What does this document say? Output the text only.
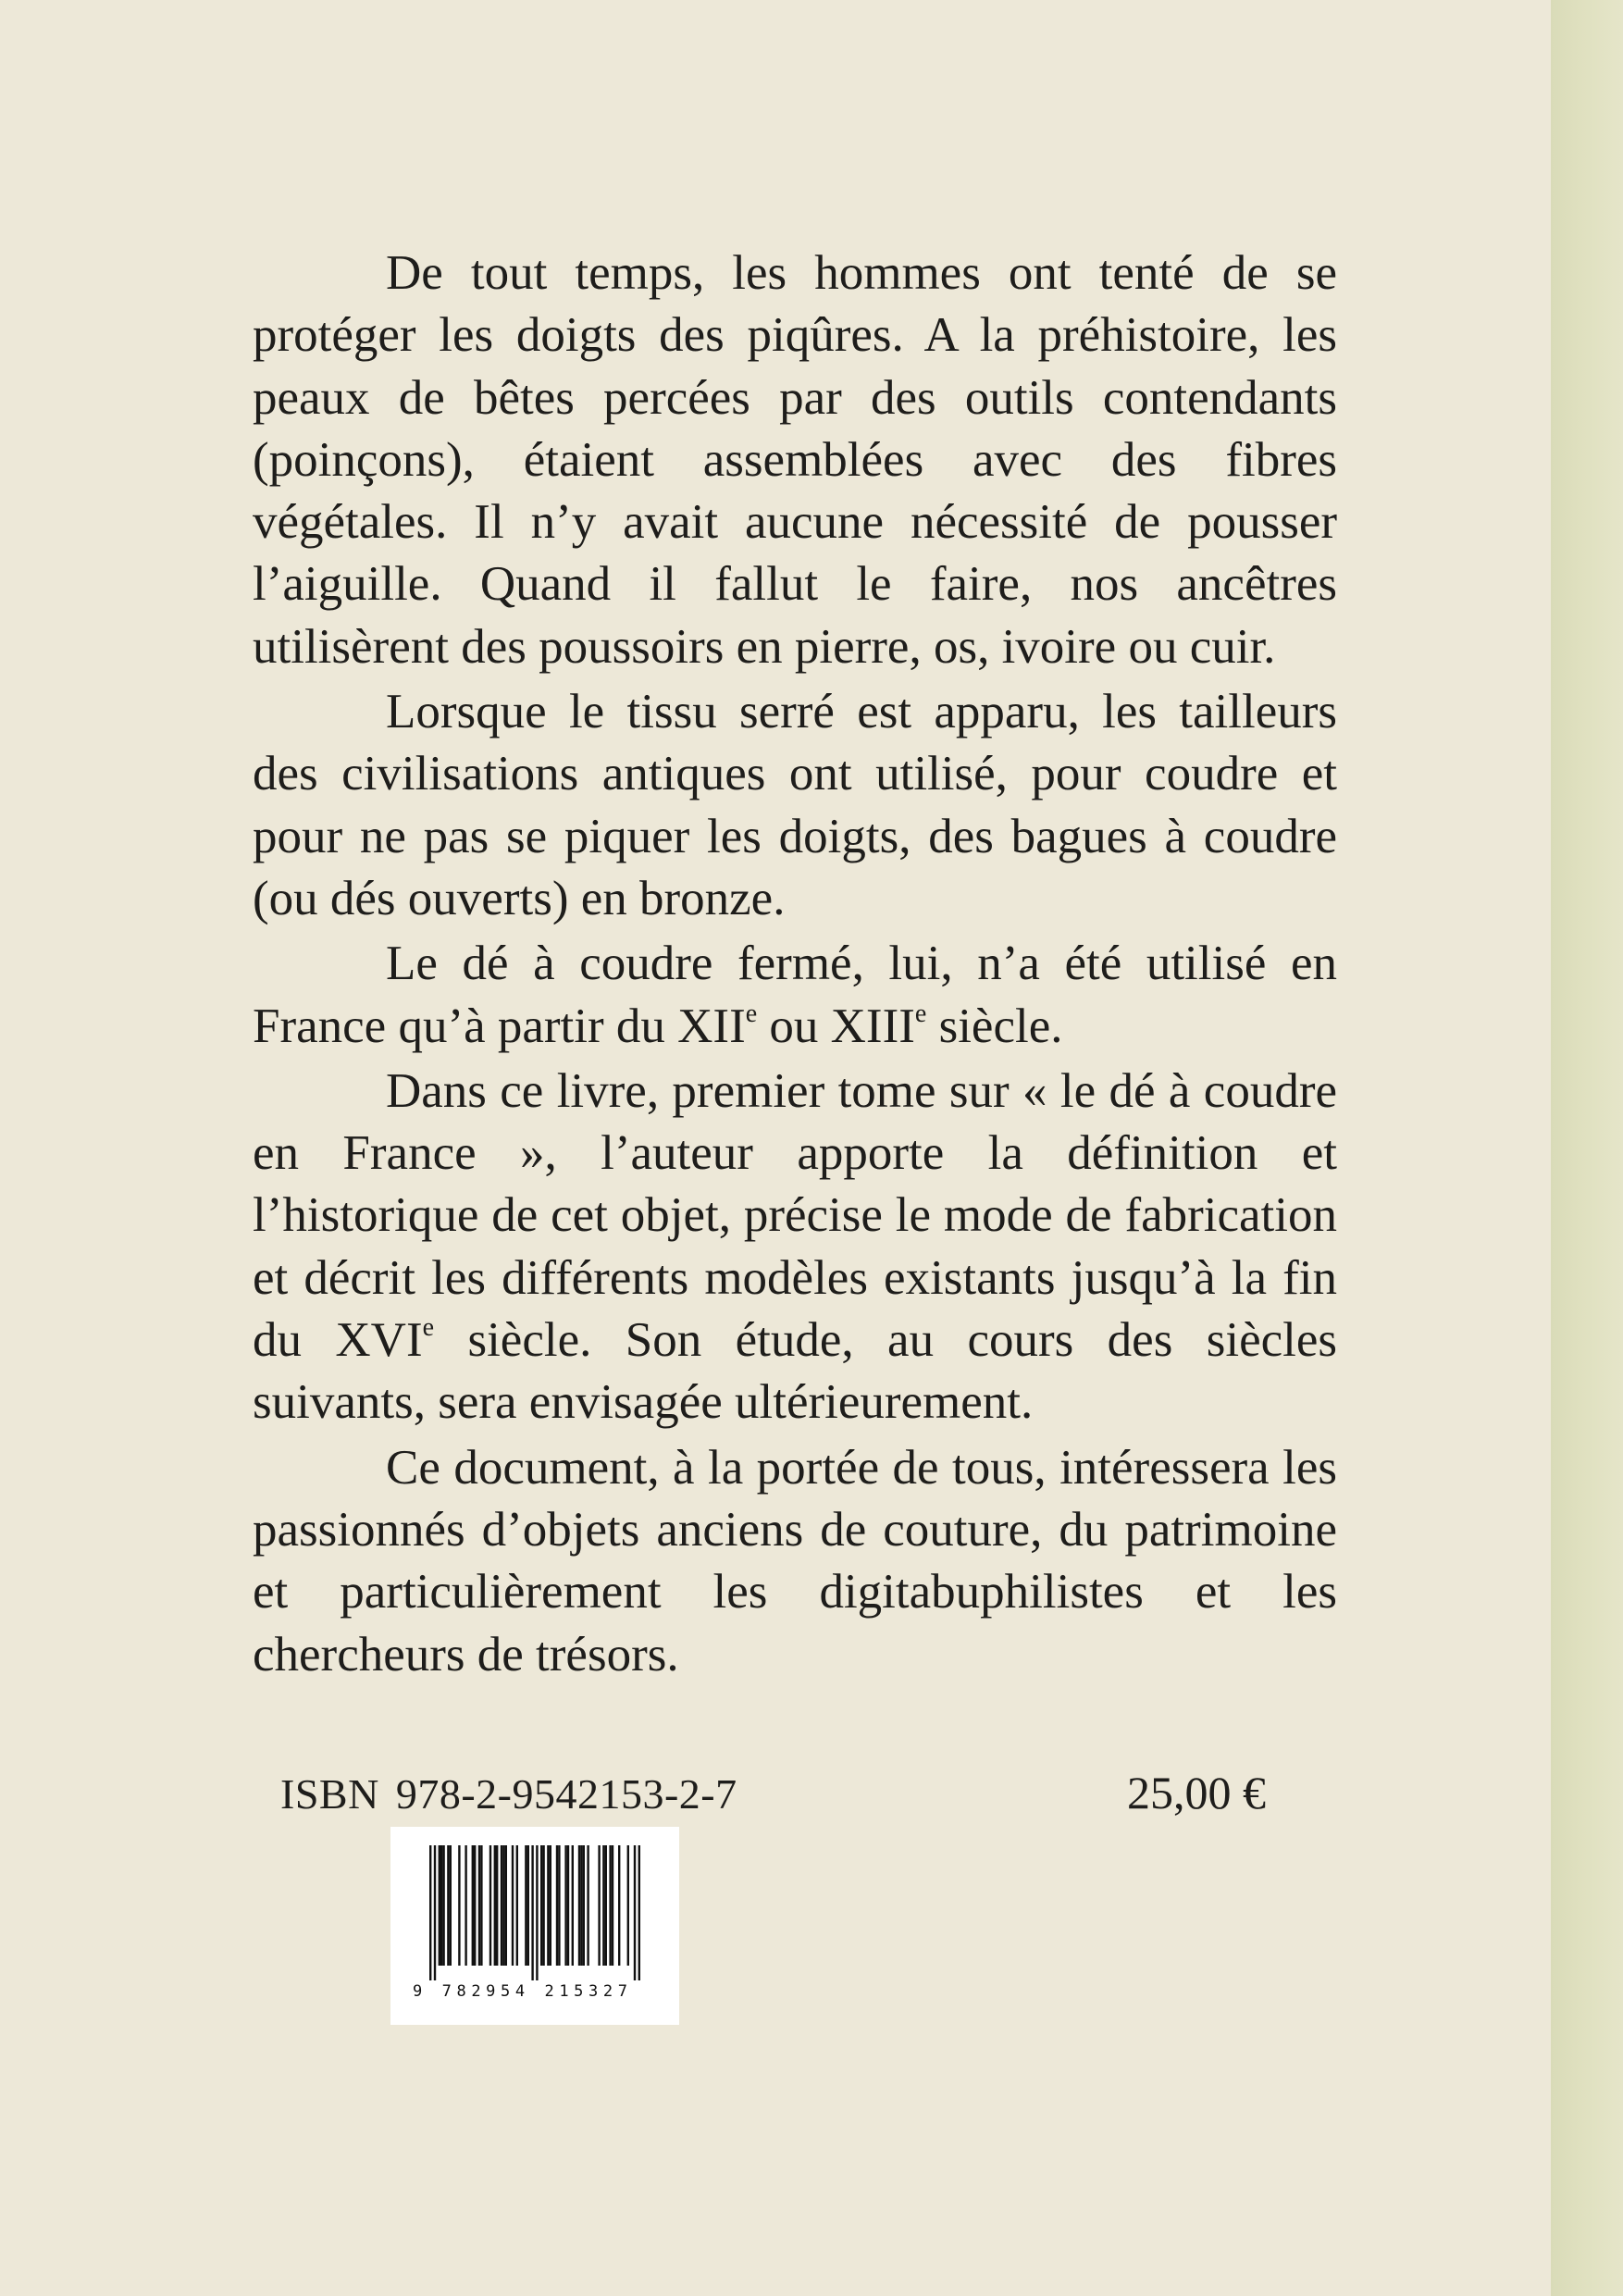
De tout temps, les hommes ont tenté de se protéger les doigts des piqûres. A la préhistoire, les peaux de bêtes percées par des outils contendants (poinçons), étaient assemblées avec des fibres végétales. Il n’y avait aucune nécessité de pousser l’aiguille. Quand il fallut le faire, nos ancêtres utilisèrent des poussoirs en pierre, os, ivoire ou cuir.

Lorsque le tissu serré est apparu, les tailleurs des civilisations antiques ont utilisé, pour coudre et pour ne pas se piquer les doigts, des bagues à coudre (ou dés ouverts) en bronze.

Le dé à coudre fermé, lui, n’a été utilisé en France qu’à partir du XIIe ou XIIIe siècle.

Dans ce livre, premier tome sur « le dé à coudre en France », l’auteur apporte la définition et l’historique de cet objet, précise le mode de fabrication et décrit les différents modèles existants jusqu’à la fin du XVIe siècle. Son étude, au cours des siècles suivants, sera envisagée ultérieurement.

Ce document, à la portée de tous, intéressera les passionnés d’objets anciens de couture, du patrimoine et particulièrement les digitabuphilistes et les chercheurs de trésors.

ISBN 978-2-9542153-2-7	25,00 €
9 782954 215327
